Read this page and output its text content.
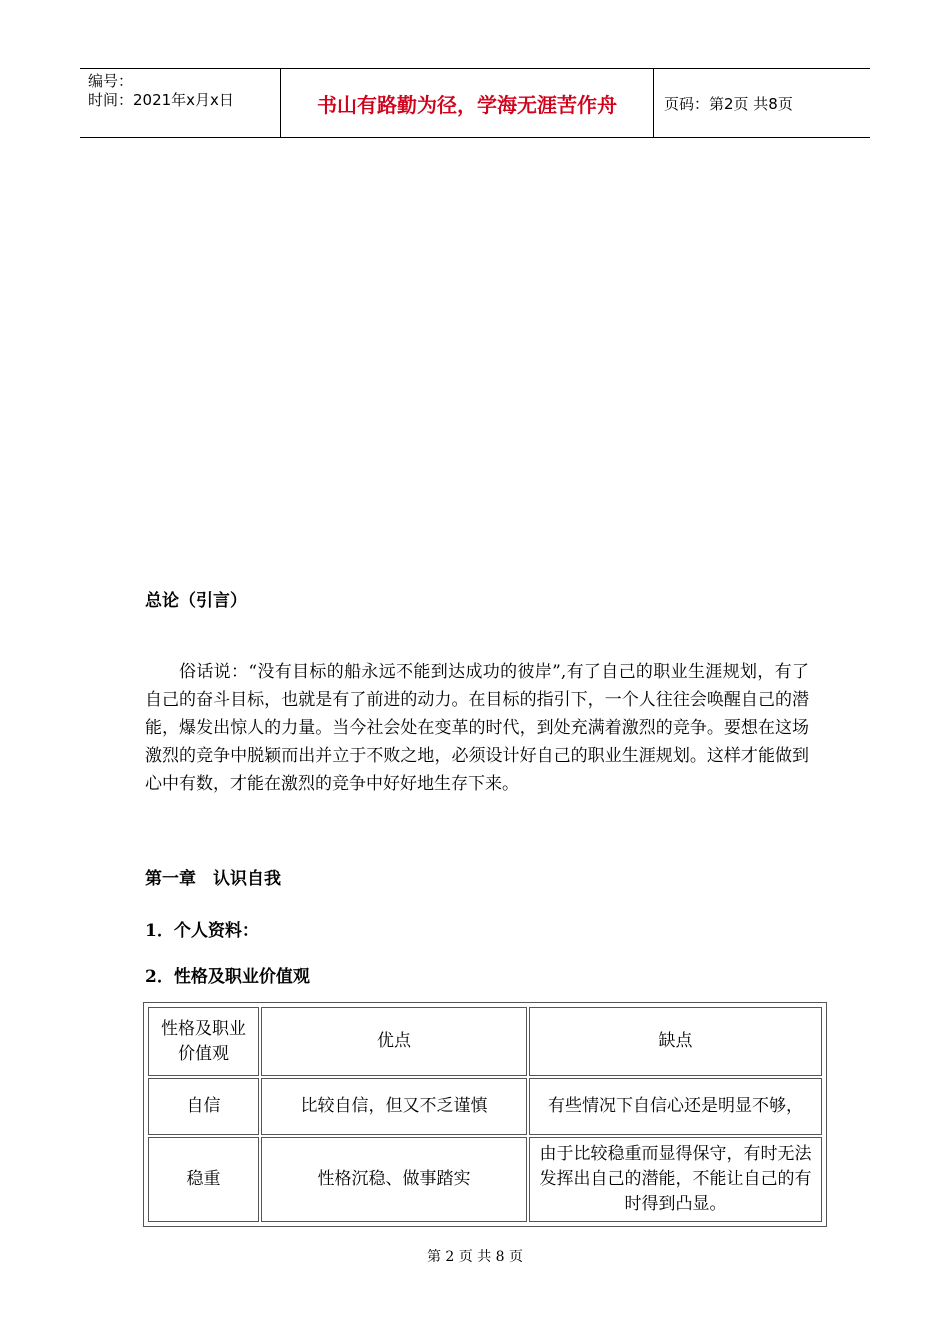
编号：
时间：2021年x月x日	书山有路勤为径，学海无涯苦作舟	页码：第2页 共8页
总论（引言）
俗话说：“没有目标的船永远不能到达成功的彼岸”,有了自己的职业生涯规划，有了自己的奋斗目标，也就是有了前进的动力。在目标的指引下，一个人往往会唤醒自己的潜能，爆发出惊人的力量。当今社会处在变革的时代，到处充满着激烈的竞争。要想在这场激烈的竞争中脱颖而出并立于不败之地，必须设计好自己的职业生涯规划。这样才能做到心中有数，才能在激烈的竞争中好好地生存下来。
第一章　认识自我
1．个人资料：
2．性格及职业价值观
性格及职业价值观	优点	缺点
自信	比较自信，但又不乏谨慎	有些情况下自信心还是明显不够，
稳重	性格沉稳、做事踏实	由于比较稳重而显得保守，有时无法发挥出自己的潜能，不能让自己的有时得到凸显。
第 2 页 共 8 页
